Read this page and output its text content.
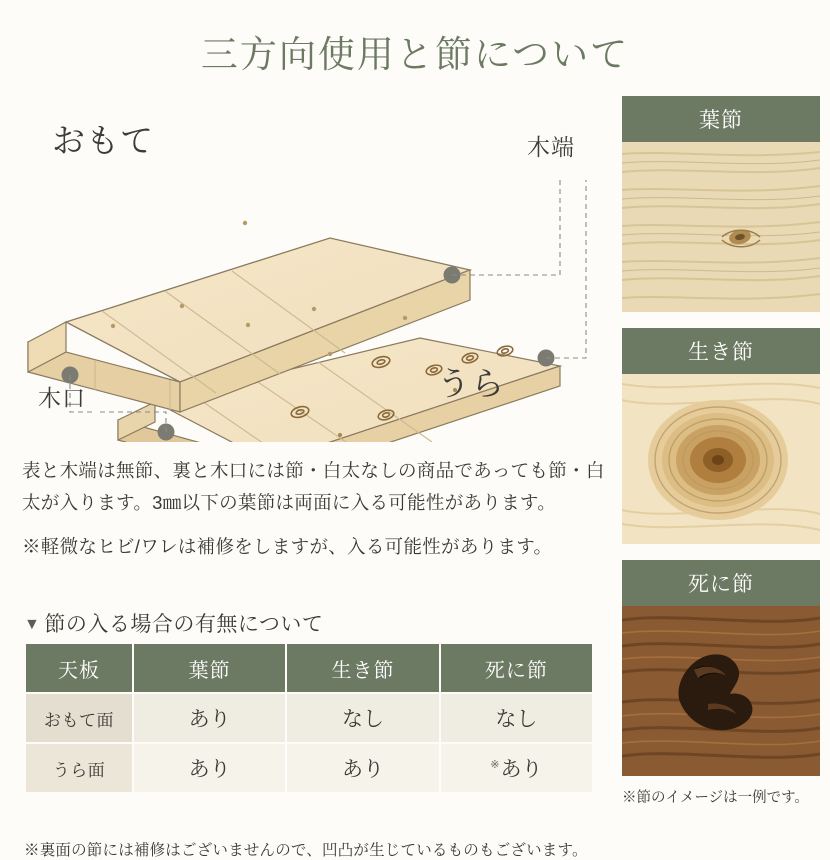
三方向使用と節について
おもて
うら
木端
木口

表と木端は無節、裏と木口には節・白太なしの商品であっても節・白太が入ります。3㎜以下の葉節は両面に入る可能性があります。

※軽微なヒビ/ワレは補修をしますが、入る可能性があります。

▼ 節の入る場合の有無について
天板	葉節	生き節	死に節
おもて面	あり	なし	なし
うら面	あり	あり	※あり
※裏面の節には補修はございませんので、凹凸が生じているものもございます。
葉節
生き節
死に節
※節のイメージは一例です。
